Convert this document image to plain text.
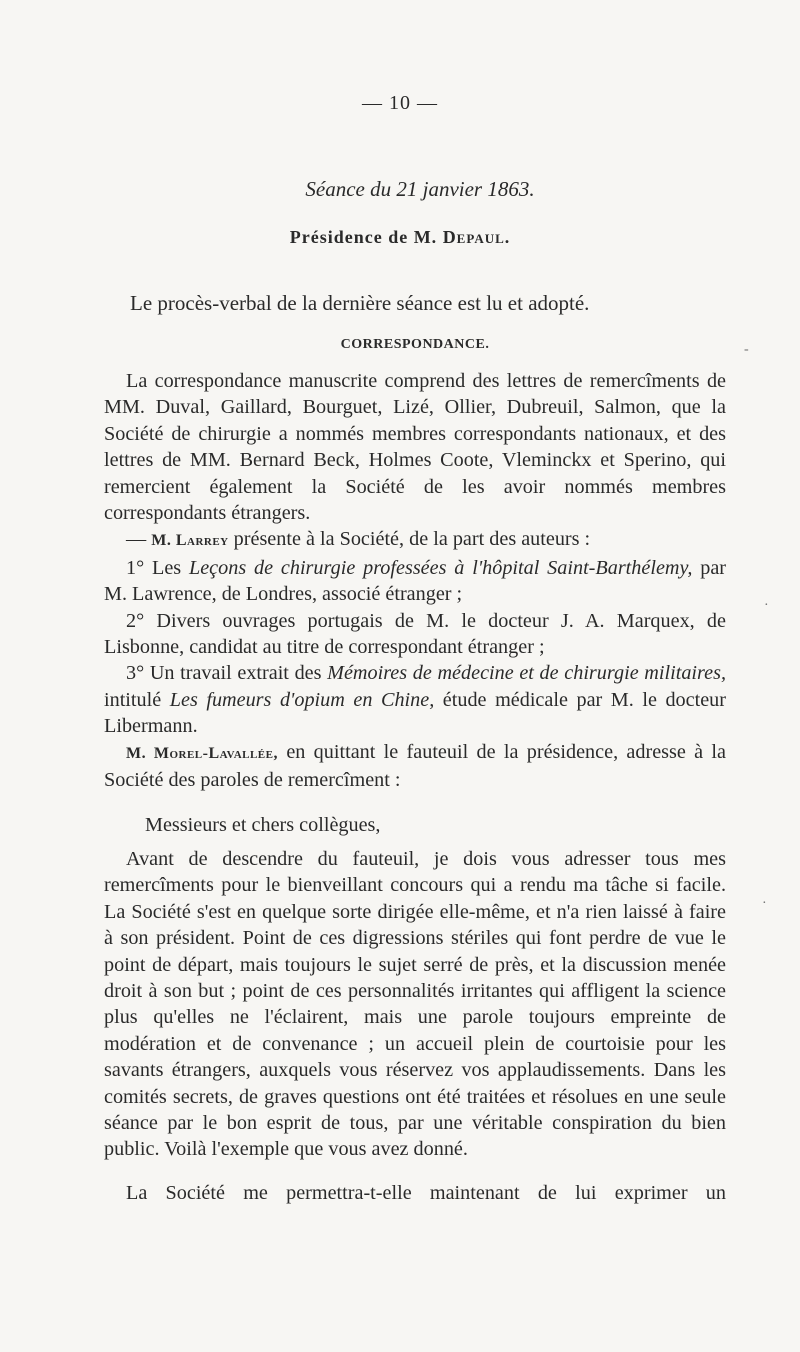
— 10 —
Séance du 21 janvier 1863.
Présidence de M. Depaul.
Le procès-verbal de la dernière séance est lu et adopté.
CORRESPONDANCE.

La correspondance manuscrite comprend des lettres de remercîments de MM. Duval, Gaillard, Bourguet, Lizé, Ollier, Dubreuil, Salmon, que la Société de chirurgie a nommés membres correspondants nationaux, et des lettres de MM. Bernard Beck, Holmes Coote, Vleminckx et Sperino, qui remercient également la Société de les avoir nommés membres correspondants étrangers.

— M. Larrey présente à la Société, de la part des auteurs :

1° Les Leçons de chirurgie professées à l'hôpital Saint-Barthélemy, par M. Lawrence, de Londres, associé étranger ;

2° Divers ouvrages portugais de M. le docteur J. A. Marquex, de Lisbonne, candidat au titre de correspondant étranger ;

3° Un travail extrait des Mémoires de médecine et de chirurgie militaires, intitulé Les fumeurs d'opium en Chine, étude médicale par M. le docteur Libermann.

M. Morel-Lavallée, en quittant le fauteuil de la présidence, adresse à la Société des paroles de remercîment :

Messieurs et chers collègues,

Avant de descendre du fauteuil, je dois vous adresser tous mes remercîments pour le bienveillant concours qui a rendu ma tâche si facile. La Société s'est en quelque sorte dirigée elle-même, et n'a rien laissé à faire à son président. Point de ces digressions stériles qui font perdre de vue le point de départ, mais toujours le sujet serré de près, et la discussion menée droit à son but ; point de ces personnalités irritantes qui affligent la science plus qu'elles ne l'éclairent, mais une parole toujours empreinte de modération et de convenance ; un accueil plein de courtoisie pour les savants étrangers, auxquels vous réservez vos applaudissements. Dans les comités secrets, de graves questions ont été traitées et résolues en une seule séance par le bon esprit de tous, par une véritable conspiration du bien public. Voilà l'exemple que vous avez donné.

La Société me permettra-t-elle maintenant de lui exprimer un

-
·
·
